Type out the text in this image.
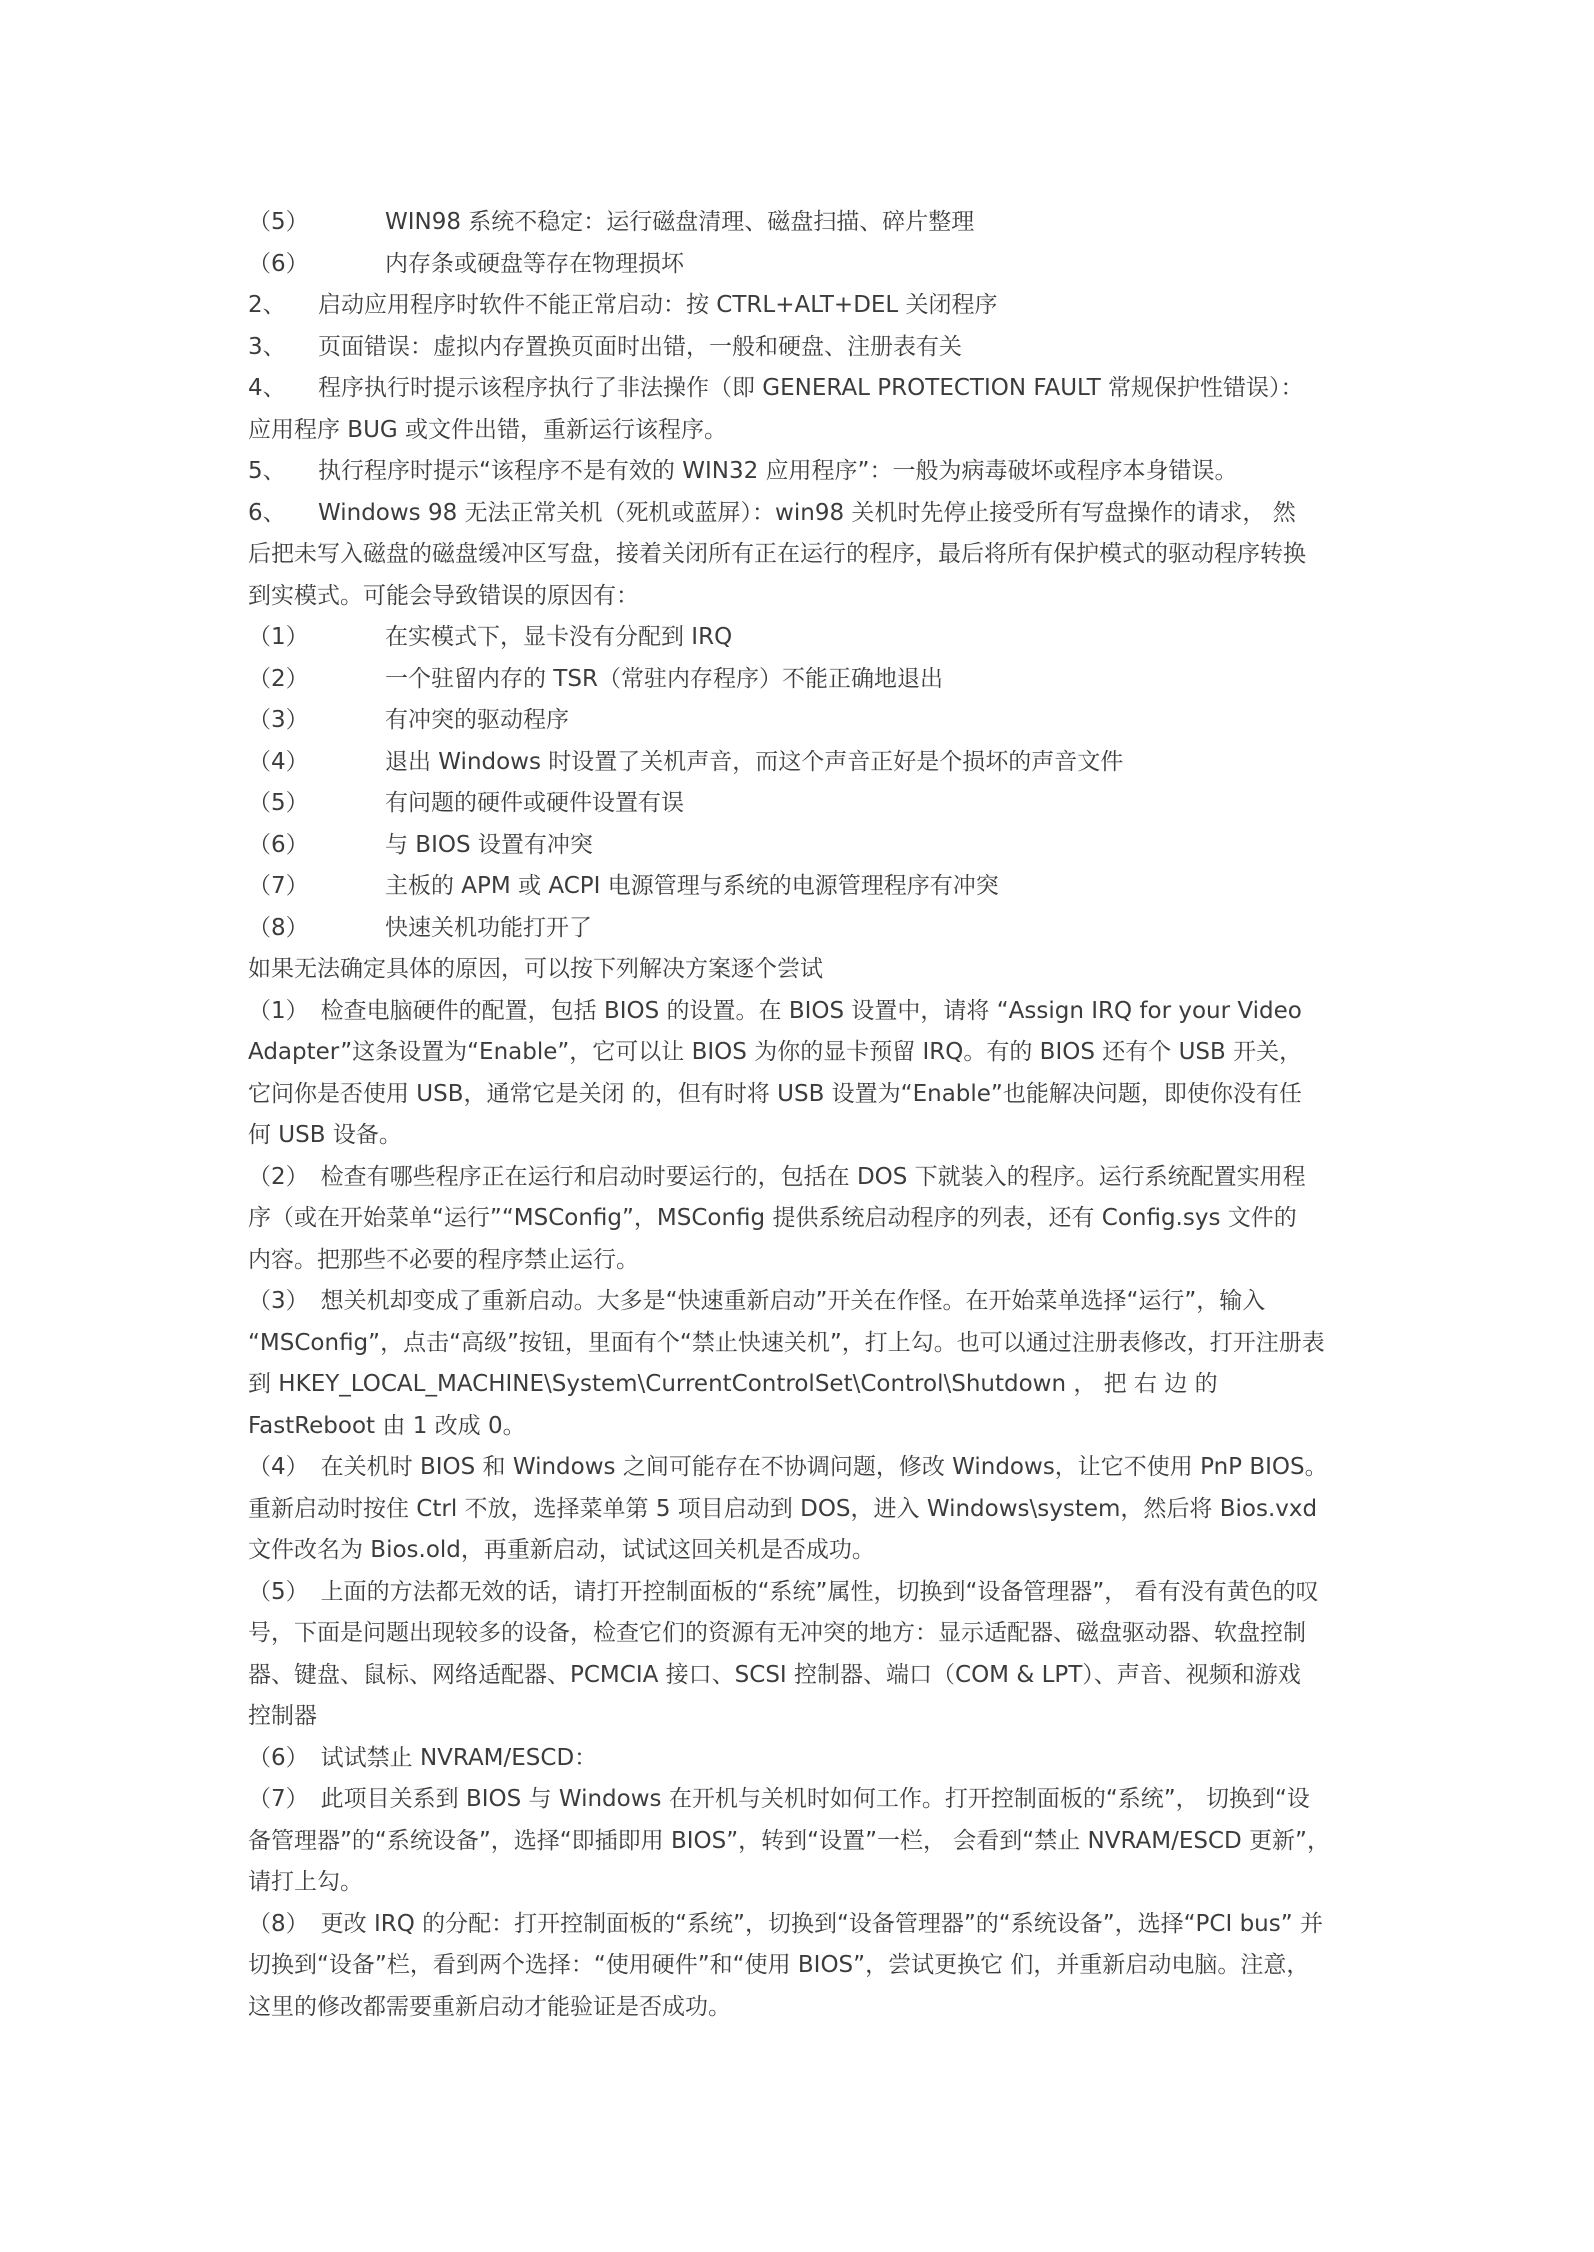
（5）	WIN98 系统不稳定：运行磁盘清理、磁盘扫描、碎片整理
（6）	内存条或硬盘等存在物理损坏
2、	启动应用程序时软件不能正常启动：按 CTRL+ALT+DEL 关闭程序
3、	页面错误：虚拟内存置换页面时出错，一般和硬盘、注册表有关
4、	程序执行时提示该程序执行了非法操作（即 GENERAL PROTECTION FAULT 常规保护性错误）：
应用程序 BUG 或文件出错，重新运行该程序。
5、	执行程序时提示“该程序不是有效的 WIN32 应用程序”：一般为病毒破坏或程序本身错误。
6、	Windows 98 无法正常关机（死机或蓝屏）：win98 关机时先停止接受所有写盘操作的请求， 然
后把未写入磁盘的磁盘缓冲区写盘，接着关闭所有正在运行的程序，最后将所有保护模式的驱动程序转换
到实模式。可能会导致错误的原因有：
（1）	在实模式下，显卡没有分配到 IRQ
（2）	一个驻留内存的 TSR（常驻内存程序）不能正确地退出
（3）	有冲突的驱动程序
（4）	退出 Windows 时设置了关机声音，而这个声音正好是个损坏的声音文件
（5）	有问题的硬件或硬件设置有误
（6）	与 BIOS 设置有冲突
（7）	主板的 APM 或 ACPI 电源管理与系统的电源管理程序有冲突
（8）	快速关机功能打开了
如果无法确定具体的原因，可以按下列解决方案逐个尝试
（1） 检查电脑硬件的配置，包括 BIOS 的设置。在 BIOS 设置中，请将 “Assign IRQ for your Video
Adapter”这条设置为“Enable”，它可以让 BIOS 为你的显卡预留 IRQ。有的 BIOS 还有个 USB 开关，
它问你是否使用 USB，通常它是关闭 的，但有时将 USB 设置为“Enable”也能解决问题，即使你没有任
何 USB 设备。
（2） 检查有哪些程序正在运行和启动时要运行的，包括在 DOS 下就装入的程序。运行系统配置实用程
序（或在开始菜单“运行”“MSConfig”，MSConfig 提供系统启动程序的列表，还有 Config.sys 文件的
内容。把那些不必要的程序禁止运行。
（3） 想关机却变成了重新启动。大多是“快速重新启动”开关在作怪。在开始菜单选择“运行”，输入
“MSConfig”，点击“高级”按钮，里面有个“禁止快速关机”，打上勾。也可以通过注册表修改，打开注册表
到 HKEY_LOCAL_MACHINE\System\CurrentControlSet\Control\Shutdown ， 把 右 边 的
FastReboot 由 1 改成 0。
（4） 在关机时 BIOS 和 Windows 之间可能存在不协调问题，修改 Windows，让它不使用 PnP BIOS。
重新启动时按住 Ctrl 不放，选择菜单第 5 项目启动到 DOS，进入 Windows\system，然后将 Bios.vxd
文件改名为 Bios.old，再重新启动，试试这回关机是否成功。
（5） 上面的方法都无效的话，请打开控制面板的“系统”属性，切换到“设备管理器”， 看有没有黄色的叹
号，下面是问题出现较多的设备，检查它们的资源有无冲突的地方：显示适配器、磁盘驱动器、软盘控制
器、键盘、鼠标、网络适配器、PCMCIA 接口、SCSI 控制器、端口（COM & LPT）、声音、视频和游戏
控制器
（6） 试试禁止 NVRAM/ESCD：
（7） 此项目关系到 BIOS 与 Windows 在开机与关机时如何工作。打开控制面板的“系统”， 切换到“设
备管理器”的“系统设备”，选择“即插即用 BIOS”，转到“设置”一栏， 会看到“禁止 NVRAM/ESCD 更新”，
请打上勾。
（8） 更改 IRQ 的分配：打开控制面板的“系统”，切换到“设备管理器”的“系统设备”，选择“PCI bus” 并
切换到“设备”栏，看到两个选择：“使用硬件”和“使用 BIOS”，尝试更换它 们，并重新启动电脑。注意，
这里的修改都需要重新启动才能验证是否成功。
